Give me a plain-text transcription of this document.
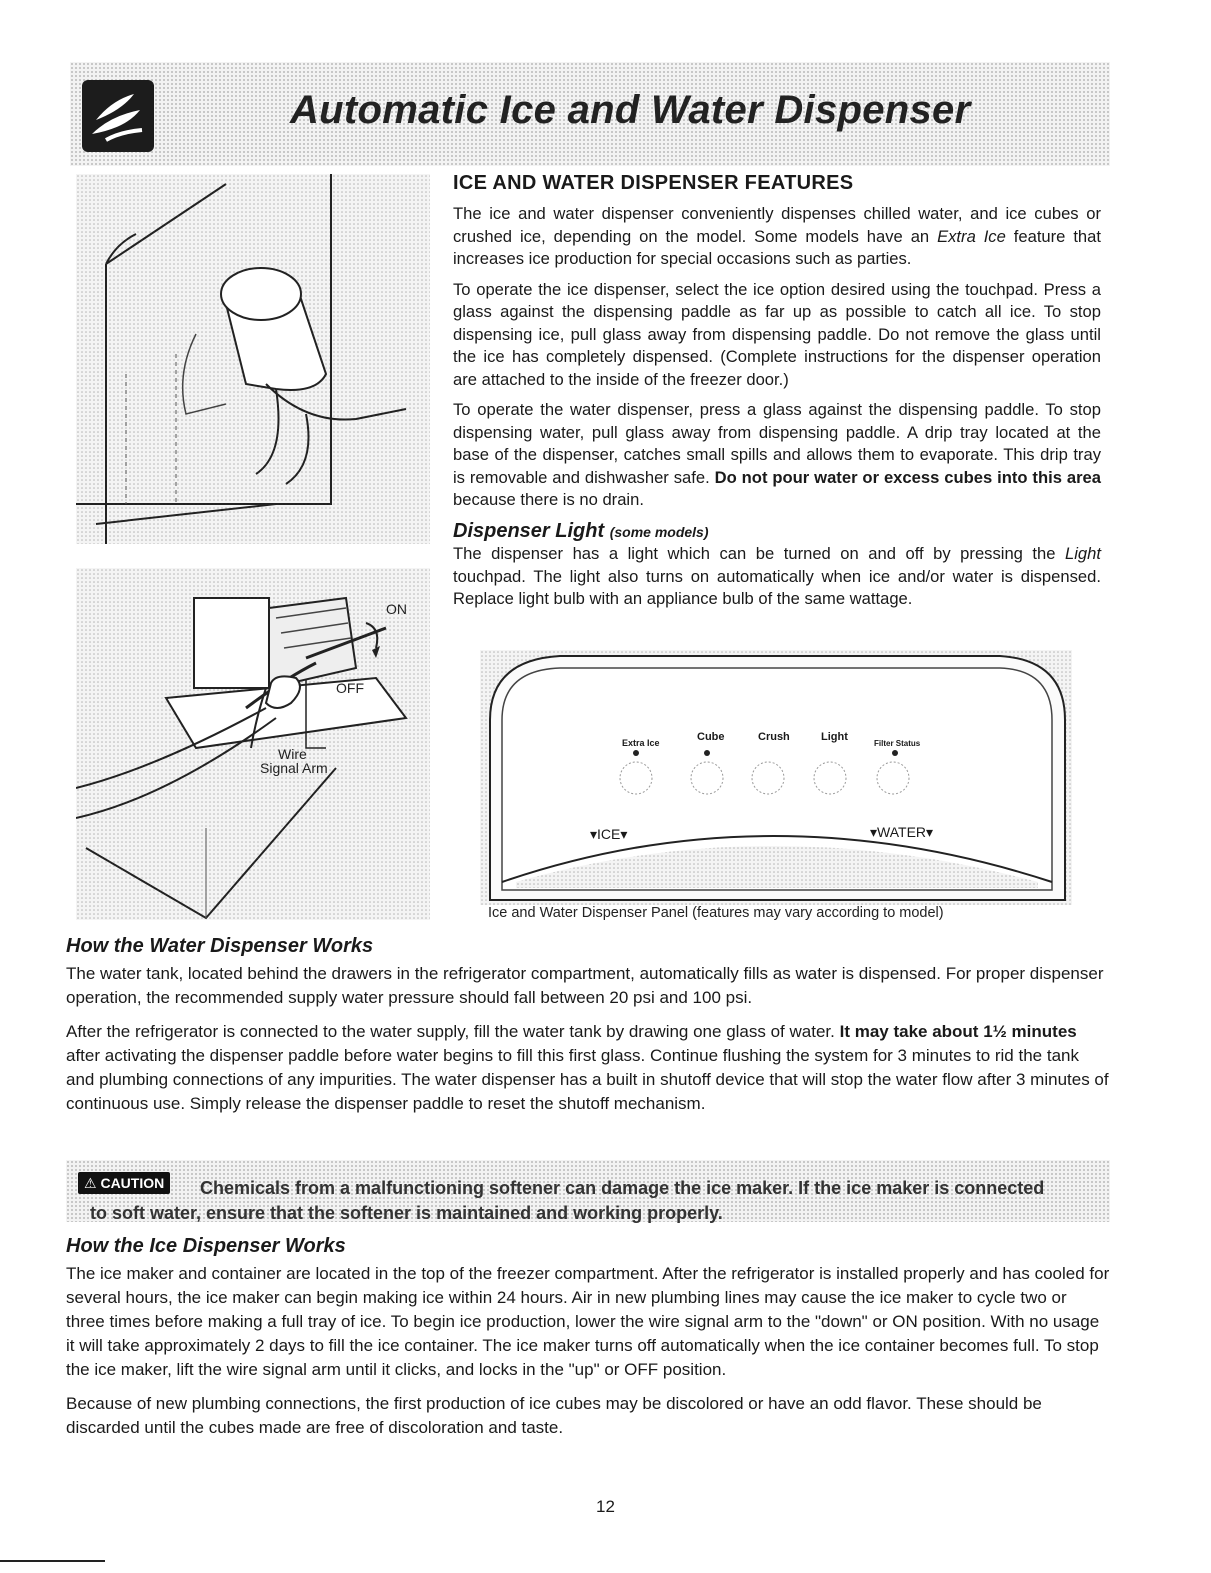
Automatic Ice and Water Dispenser
ON
OFF
Wire
Signal Arm
ICE AND WATER DISPENSER FEATURES

The ice and water dispenser conveniently dispenses chilled water, and ice cubes or crushed ice, depending on the model. Some models have an Extra Ice feature that increases ice production for special occasions such as parties.

To operate the ice dispenser, select the ice option desired using the touchpad. Press a glass against the dispensing paddle as far up as possible to catch all ice. To stop dispensing ice, pull glass away from dispensing paddle. Do not remove the glass until the ice has completely dispensed. (Complete instructions for the dispenser operation are attached to the inside of the freezer door.)

To operate the water dispenser, press a glass against the dispensing paddle. To stop dispensing water, pull glass away from dispensing paddle. A drip tray located at the base of the dispenser, catches small spills and allows them to evaporate. This drip tray is removable and dishwasher safe. Do not pour water or excess cubes into this area because there is no drain.

Dispenser Light (some models)

The dispenser has a light which can be turned on and off by pressing the Light touchpad. The light also turns on automatically when ice and/or water is dispensed. Replace light bulb with an appliance bulb of the same wattage.

Extra Ice	Cube	Crush	Light
Filter Status
▾ICE▾	▾WATER▾
Ice and Water Dispenser Panel (features may vary according to model)
How the Water Dispenser Works

The water tank, located behind the drawers in the refrigerator compartment, automatically fills as water is dispensed. For proper dispenser operation, the recommended supply water pressure should fall between 20 psi and 100 psi.

After the refrigerator is connected to the water supply, fill the water tank by drawing one glass of water. It may take about 1½ minutes after activating the dispenser paddle before water begins to fill this first glass. Continue flushing the system for 3 minutes to rid the tank and plumbing connections of any impurities. The water dispenser has a built in shutoff device that will stop the water flow after 3 minutes of continuous use. Simply release the dispenser paddle to reset the shutoff mechanism.

⚠ CAUTION	Chemicals from a malfunctioning softener can damage the ice maker. If the ice maker is connected
to soft water, ensure that the softener is maintained and working properly.
How the Ice Dispenser Works

The ice maker and container are located in the top of the freezer compartment. After the refrigerator is installed properly and has cooled for several hours, the ice maker can begin making ice within 24 hours. Air in new plumbing lines may cause the ice maker to cycle two or three times before making a full tray of ice. To begin ice production, lower the wire signal arm to the "down" or ON position. With no usage it will take approximately 2 days to fill the ice container. The ice maker turns off automatically when the ice container becomes full. To stop the ice maker, lift the wire signal arm until it clicks, and locks in the "up" or OFF position.

Because of new plumbing connections, the first production of ice cubes may be discolored or have an odd flavor. These should be discarded until the cubes made are free of discoloration and taste.

12
